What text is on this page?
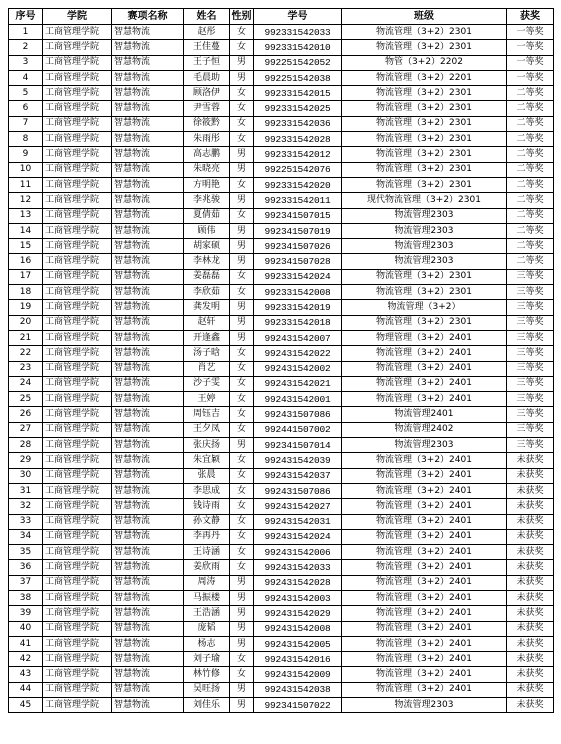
序号	学院	赛项名称	姓名	性别	学号	班级	获奖
1	工商管理学院	智慧物流	赵彤	女	992331542033	物流管理（3+2）2301	一等奖
2	工商管理学院	智慧物流	王佳蔓	女	992331542010	物流管理（3+2）2301	一等奖
3	工商管理学院	智慧物流	王子恒	男	992251542052	物管（3+2）2202	一等奖
4	工商管理学院	智慧物流	毛晨助	男	992251542038	物流管理（3+2）2201	一等奖
5	工商管理学院	智慧物流	顾洛伊	女	992331542015	物流管理（3+2）2301	二等奖
6	工商管理学院	智慧物流	尹雪蓉	女	992331542025	物流管理（3+2）2301	二等奖
7	工商管理学院	智慧物流	徐筱黔	女	992331542036	物流管理（3+2）2301	二等奖
8	工商管理学院	智慧物流	朱雨彤	女	992331542028	物流管理（3+2）2301	二等奖
9	工商管理学院	智慧物流	高志鹏	男	992331542012	物流管理（3+2）2301	二等奖
10	工商管理学院	智慧物流	朱晓亮	男	992251542076	物流管理（3+2）2301	二等奖
11	工商管理学院	智慧物流	方明艳	女	992331542020	物流管理（3+2）2301	二等奖
12	工商管理学院	智慧物流	李兆骏	男	992331542011	现代物流管理（3+2）2301	二等奖
13	工商管理学院	智慧物流	夏倩茹	女	992341507015	物流管理2303	二等奖
14	工商管理学院	智慧物流	顾伟	男	992341507019	物流管理2303	二等奖
15	工商管理学院	智慧物流	胡家硕	男	992341507026	物流管理2303	二等奖
16	工商管理学院	智慧物流	李林龙	男	992341507028	物流管理2303	二等奖
17	工商管理学院	智慧物流	姜磊磊	女	992331542024	物流管理（3+2）2301	三等奖
18	工商管理学院	智慧物流	李欣茹	女	992331542008	物流管理（3+2）2301	三等奖
19	工商管理学院	智慧物流	龚发明	男	992331542019	物流管理（3+2）	三等奖
20	工商管理学院	智慧物流	赵轩	男	992331542018	物流管理（3+2）2301	三等奖
21	工商管理学院	智慧物流	开逢鑫	男	992431542007	物理管理（3+2）2401	三等奖
22	工商管理学院	智慧物流	汤子晗	女	992431542022	物流管理（3+2）2401	三等奖
23	工商管理学院	智慧物流	肖艺	女	992431542002	物流管理（3+2）2401	三等奖
24	工商管理学院	智慧物流	沙子雯	女	992431542021	物流管理（3+2）2401	三等奖
25	工商管理学院	智慧物流	王婷	女	992431542001	物流管理（3+2）2401	三等奖
26	工商管理学院	智慧物流	周钰吉	女	992431507086	物流管理2401	三等奖
27	工商管理学院	智慧物流	王夕凤	女	992441507002	物流管理2402	三等奖
28	工商管理学院	智慧物流	张庆扬	男	992341507014	物流管理2303	三等奖
29	工商管理学院	智慧物流	朱宜颖	女	992431542039	物流管理（3+2）2401	未获奖
30	工商管理学院	智慧物流	张晨	女	992431542037	物流管理（3+2）2401	未获奖
31	工商管理学院	智慧物流	李思成	女	992431507086	物流管理（3+2）2401	未获奖
32	工商管理学院	智慧物流	钱诗雨	女	992431542027	物流管理（3+2）2401	未获奖
33	工商管理学院	智慧物流	孙文静	女	992431542031	物流管理（3+2）2401	未获奖
34	工商管理学院	智慧物流	李再丹	女	992431542024	物流管理（3+2）2401	未获奖
35	工商管理学院	智慧物流	王诗涵	女	992431542006	物流管理（3+2）2401	未获奖
36	工商管理学院	智慧物流	姜欣雨	女	992431542033	物流管理（3+2）2401	未获奖
37	工商管理学院	智慧物流	周涛	男	992431542028	物流管理（3+2）2401	未获奖
38	工商管理学院	智慧物流	马振楼	男	992431542003	物流管理（3+2）2401	未获奖
39	工商管理学院	智慧物流	王浩涵	男	992431542029	物流管理（3+2）2401	未获奖
40	工商管理学院	智慧物流	庞韬	男	992431542008	物流管理（3+2）2401	未获奖
41	工商管理学院	智慧物流	杨志	男	992431542005	物流管理（3+2）2401	未获奖
42	工商管理学院	智慧物流	刘子瑜	女	992431542016	物流管理（3+2）2401	未获奖
43	工商管理学院	智慧物流	林竹修	女	992431542009	物流管理（3+2）2401	未获奖
44	工商管理学院	智慧物流	吴旺扬	男	992431542038	物流管理（3+2）2401	未获奖
45	工商管理学院	智慧物流	刘佳乐	男	992341507022	物流管理2303	未获奖
